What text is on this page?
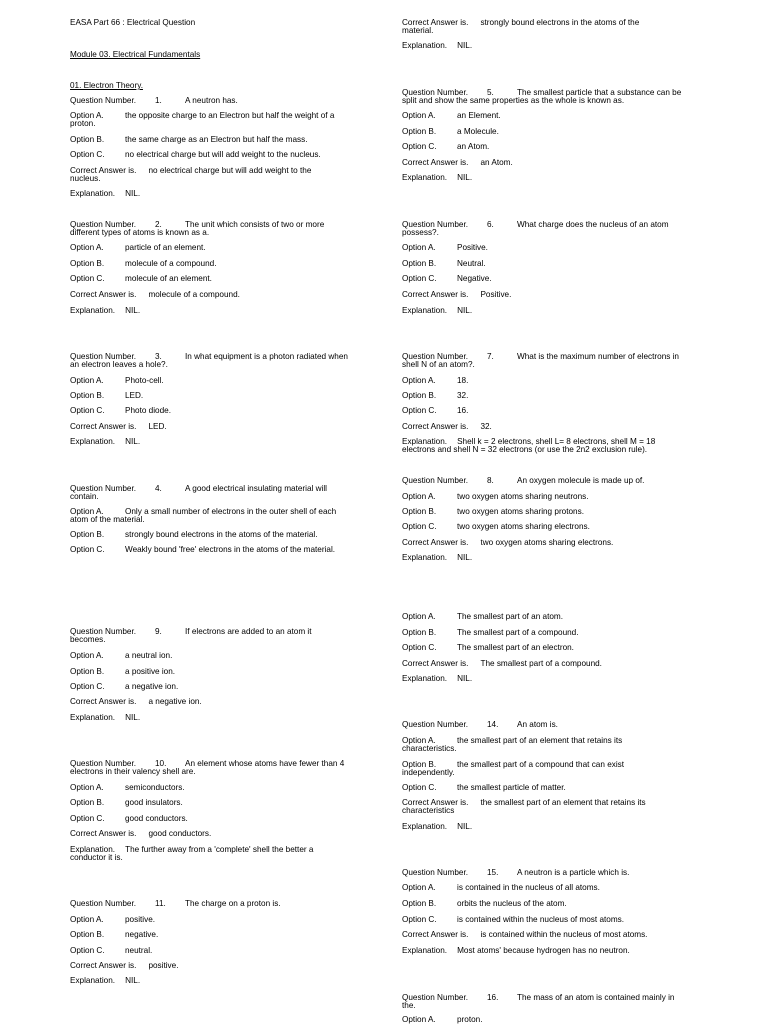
EASA Part 66 : Electrical Question
Module 03. Electrical Fundamentals
01. Electron Theory.
Question Number. 1.	A neutron has.
Option A.	the opposite charge to an Electron but half the weight of a
proton.
Option B.	the same charge as an Electron but half the mass.
Option C. no electrical charge but will add weight to the nucleus.
Correct Answer is. no electrical charge but will add weight to the
nucleus.
Explanation. NIL.
Question Number. 2.	The unit which consists of two or more
different types of atoms is known as a.
Option A.	particle of an element.
Option B.	molecule of a compound.
Option C. molecule of an element.
Correct Answer is. molecule of a compound.
Explanation. NIL.
Question Number. 3.	In what equipment is a photon radiated when
an electron leaves a hole?.
Option A.	Photo-cell.
Option B.	LED.
Option C. Photo diode.
Correct Answer is. LED.
Explanation. NIL.
Question Number. 4.	A good electrical insulating material will
contain.
Option A.	Only a small number of electrons in the outer shell of each
atom of the material.
Option B.	strongly bound electrons in the atoms of the material.
Option C. Weakly bound 'free' electrons in the atoms of the material.
Question Number. 9.	If electrons are added to an atom it
becomes.
Option A.	a neutral ion.
Option B.	a positive ion.
Option C. a negative ion.
Correct Answer is. a negative ion.
Explanation. NIL.
Question Number. 10. An element whose atoms have fewer than 4
electrons in their valency shell are.
Option A.	semiconductors.
Option B.	good insulators.
Option C. good conductors.
Correct Answer is. good conductors.
Explanation. The further away from a 'complete' shell the better a
conductor it is.
Question Number. 11. The charge on a proton is.
Option A.	positive.
Option B.	negative.
Option C. neutral.
Correct Answer is. positive.
Explanation. NIL.
Correct Answer is. strongly bound electrons in the atoms of the
material.
Explanation. NIL.
Question Number. 5.	The smallest particle that a substance can be
split and show the same properties as the whole is known as.
Option A.	an Element.
Option B.	a Molecule.
Option C. an Atom.
Correct Answer is. an Atom.
Explanation. NIL.
Question Number. 6.	What charge does the nucleus of an atom
possess?.
Option A.	Positive.
Option B.	Neutral.
Option C. Negative.
Correct Answer is. Positive.
Explanation. NIL.
Question Number. 7.	What is the maximum number of electrons in
shell N of an atom?.
Option A.	18.
Option B.	32.
Option C. 16.
Correct Answer is. 32.
Explanation. Shell k = 2 electrons, shell L= 8 electrons, shell M = 18
electrons and shell N = 32 electrons (or use the 2n2 exclusion rule).
Question Number. 8.	An oxygen molecule is made up of.
Option A.	two oxygen atoms sharing neutrons.
Option B.	two oxygen atoms sharing protons.
Option C. two oxygen atoms sharing electrons.
Correct Answer is. two oxygen atoms sharing electrons.
Explanation. NIL.
Option A.	The smallest part of an atom.
Option B.	The smallest part of a compound.
Option C. The smallest part of an electron.
Correct Answer is. The smallest part of a compound.
Explanation. NIL.
Question Number. 14. An atom is.
Option A.	the smallest part of an element that retains its
characteristics.
Option B.	the smallest part of a compound that can exist
independently.
Option C. the smallest particle of matter.
Correct Answer is. the smallest part of an element that retains its
characteristics
Explanation. NIL.
Question Number. 15. A neutron is a particle which is.
Option A.	is contained in the nucleus of all atoms.
Option B.	orbits the nucleus of the atom.
Option C. is contained within the nucleus of most atoms.
Correct Answer is. is contained within the nucleus of most atoms.
Explanation. Most atoms' because hydrogen has no neutron.
Question Number. 16. The mass of an atom is contained mainly in
the.
Option A.	proton.
